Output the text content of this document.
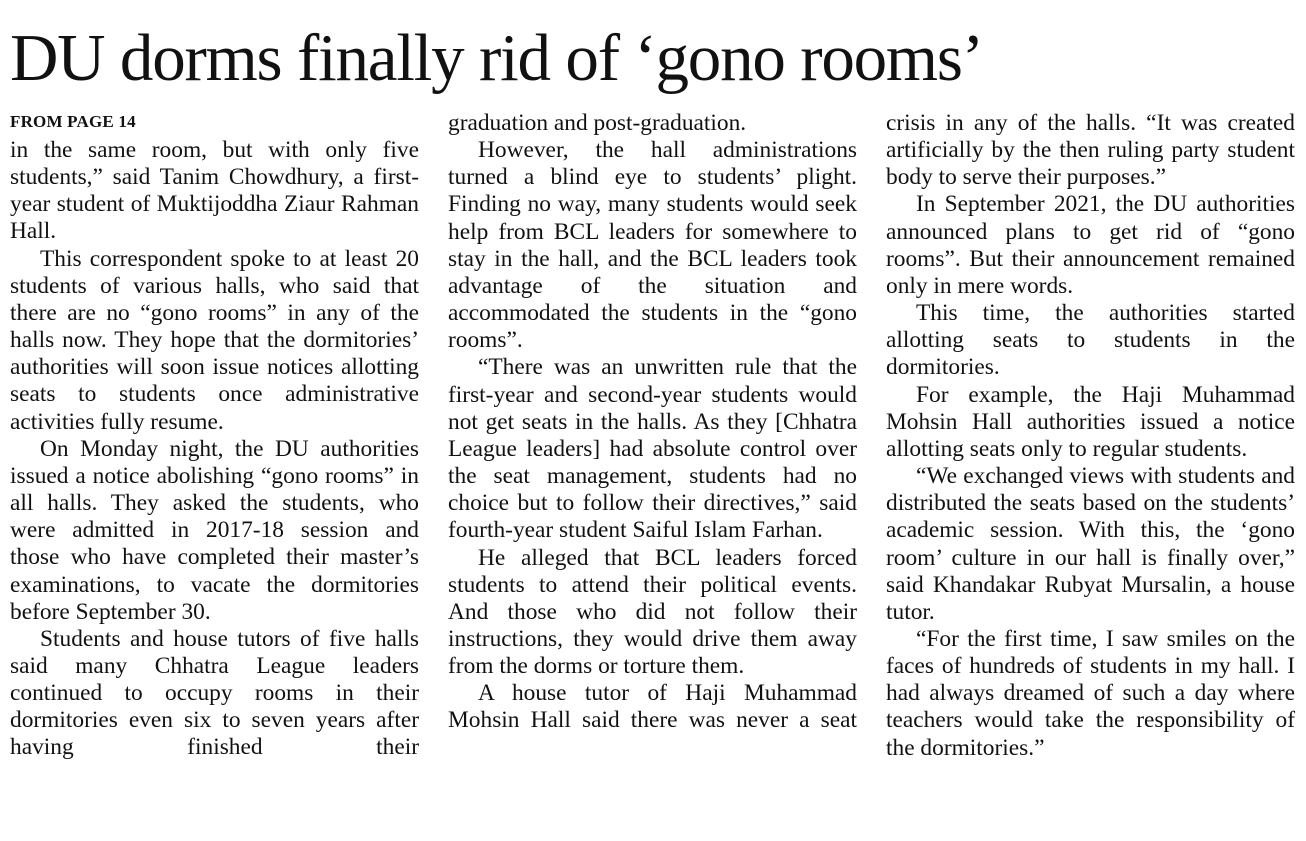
DU dorms finally rid of ‘gono rooms’
FROM PAGE 14

in the same room, but with only five students,” said Tanim Chowdhury, a first-year student of Muktijoddha Ziaur Rahman Hall.

This correspondent spoke to at least 20 students of various halls, who said that there are no “gono rooms” in any of the halls now. They hope that the dormitories’ authorities will soon issue notices allotting seats to students once administrative activities fully resume.

On Monday night, the DU authorities issued a notice abolishing “gono rooms” in all halls. They asked the students, who were admitted in 2017-18 session and those who have completed their master’s examinations, to vacate the dormitories before September 30.

Students and house tutors of five halls said many Chhatra League leaders continued to occupy rooms in their dormitories even six to seven years after having finished their

graduation and post-graduation.

However, the hall administrations turned a blind eye to students’ plight. Finding no way, many students would seek help from BCL leaders for somewhere to stay in the hall, and the BCL leaders took advantage of the situation and accommodated the students in the “gono rooms”.

“There was an unwritten rule that the first-year and second-year students would not get seats in the halls. As they [Chhatra League leaders] had absolute control over the seat management, students had no choice but to follow their directives,” said fourth-year student Saiful Islam Farhan.

He alleged that BCL leaders forced students to attend their political events. And those who did not follow their instructions, they would drive them away from the dorms or torture them.

A house tutor of Haji Muhammad Mohsin Hall said there was never a seat

crisis in any of the halls. “It was created artificially by the then ruling party student body to serve their purposes.”

In September 2021, the DU authorities announced plans to get rid of “gono rooms”. But their announcement remained only in mere words.

This time, the authorities started allotting seats to students in the dormitories.

For example, the Haji Muhammad Mohsin Hall authorities issued a notice allotting seats only to regular students.

“We exchanged views with students and distributed the seats based on the students’ academic session. With this, the ‘gono room’ culture in our hall is finally over,” said Khandakar Rubyat Mursalin, a house tutor.

“For the first time, I saw smiles on the faces of hundreds of students in my hall. I had always dreamed of such a day where teachers would take the responsibility of the dormitories.”
